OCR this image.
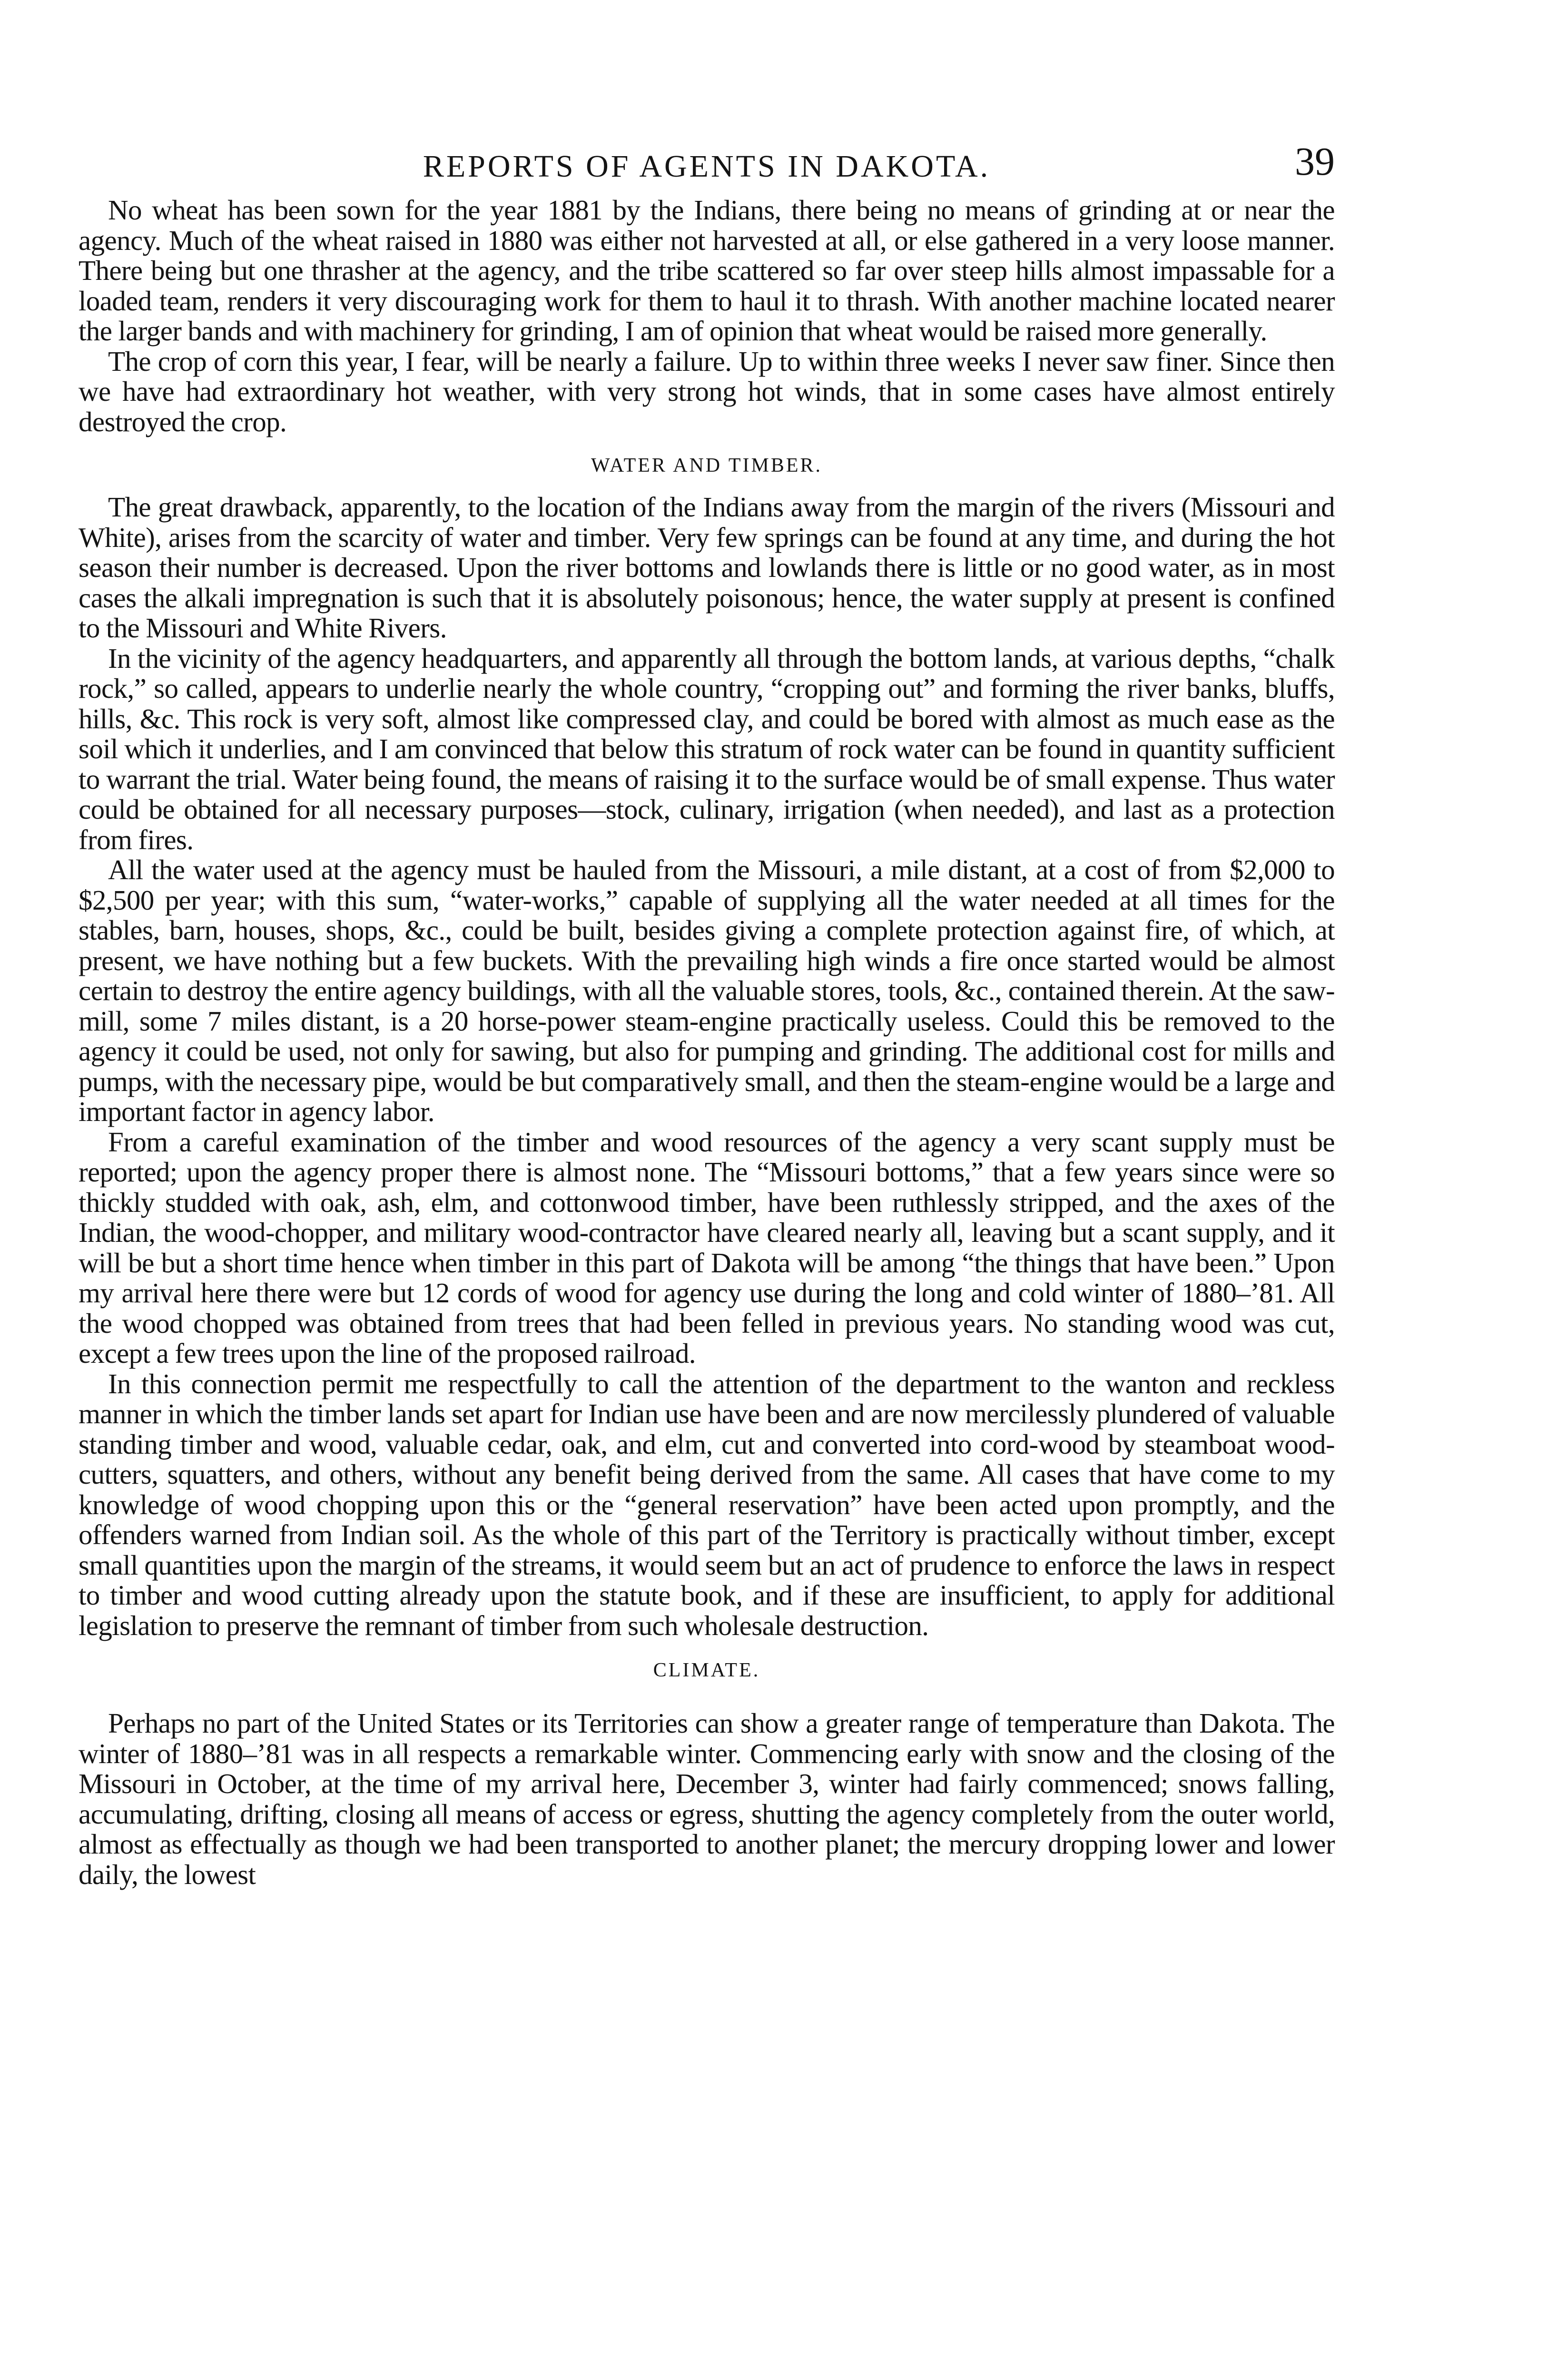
REPORTS OF AGENTS IN DAKOTA.	39

No wheat has been sown for the year 1881 by the Indians, there being no means of grinding at or near the agency. Much of the wheat raised in 1880 was either not harvested at all, or else gathered in a very loose manner. There being but one thrasher at the agency, and the tribe scattered so far over steep hills almost impassable for a loaded team, renders it very discouraging work for them to haul it to thrash. With another machine located nearer the larger bands and with machinery for grinding, I am of opinion that wheat would be raised more generally.

The crop of corn this year, I fear, will be nearly a failure. Up to within three weeks I never saw finer. Since then we have had extraordinary hot weather, with very strong hot winds, that in some cases have almost entirely destroyed the crop.

WATER AND TIMBER.

The great drawback, apparently, to the location of the Indians away from the margin of the rivers (Missouri and White), arises from the scarcity of water and timber. Very few springs can be found at any time, and during the hot season their number is decreased. Upon the river bottoms and lowlands there is little or no good water, as in most cases the alkali impregnation is such that it is absolutely poisonous; hence, the water supply at present is confined to the Missouri and White Rivers.

In the vicinity of the agency headquarters, and apparently all through the bottom lands, at various depths, “chalk rock,” so called, appears to underlie nearly the whole country, “cropping out” and forming the river banks, bluffs, hills, &c. This rock is very soft, almost like compressed clay, and could be bored with almost as much ease as the soil which it underlies, and I am convinced that below this stratum of rock water can be found in quantity sufficient to warrant the trial. Water being found, the means of raising it to the surface would be of small expense. Thus water could be obtained for all necessary purposes—stock, culinary, irrigation (when needed), and last as a protection from fires.

All the water used at the agency must be hauled from the Missouri, a mile distant, at a cost of from $2,000 to $2,500 per year; with this sum, “water-works,” capable of supplying all the water needed at all times for the stables, barn, houses, shops, &c., could be built, besides giving a complete protection against fire, of which, at present, we have nothing but a few buckets. With the prevailing high winds a fire once started would be almost certain to destroy the entire agency buildings, with all the valuable stores, tools, &c., contained therein. At the saw-mill, some 7 miles distant, is a 20 horse-power steam-engine practically useless. Could this be removed to the agency it could be used, not only for sawing, but also for pumping and grinding. The additional cost for mills and pumps, with the necessary pipe, would be but comparatively small, and then the steam-engine would be a large and important factor in agency labor.

From a careful examination of the timber and wood resources of the agency a very scant supply must be reported; upon the agency proper there is almost none. The “Missouri bottoms,” that a few years since were so thickly studded with oak, ash, elm, and cottonwood timber, have been ruthlessly stripped, and the axes of the Indian, the wood-chopper, and military wood-contractor have cleared nearly all, leaving but a scant supply, and it will be but a short time hence when timber in this part of Dakota will be among “the things that have been.” Upon my arrival here there were but 12 cords of wood for agency use during the long and cold winter of 1880–’81. All the wood chopped was obtained from trees that had been felled in previous years. No standing wood was cut, except a few trees upon the line of the proposed railroad.

In this connection permit me respectfully to call the attention of the department to the wanton and reckless manner in which the timber lands set apart for Indian use have been and are now mercilessly plundered of valuable standing timber and wood, valuable cedar, oak, and elm, cut and converted into cord-wood by steamboat wood-cutters, squatters, and others, without any benefit being derived from the same. All cases that have come to my knowledge of wood chopping upon this or the “general reservation” have been acted upon promptly, and the offenders warned from Indian soil. As the whole of this part of the Territory is practically without timber, except small quantities upon the margin of the streams, it would seem but an act of prudence to enforce the laws in respect to timber and wood cutting already upon the statute book, and if these are insufficient, to apply for additional legislation to preserve the remnant of timber from such wholesale destruction.

CLIMATE.

Perhaps no part of the United States or its Territories can show a greater range of temperature than Dakota. The winter of 1880–’81 was in all respects a remarkable winter. Commencing early with snow and the closing of the Missouri in October, at the time of my arrival here, December 3, winter had fairly commenced; snows falling, accumulating, drifting, closing all means of access or egress, shutting the agency completely from the outer world, almost as effectually as though we had been transported to another planet; the mercury dropping lower and lower daily, the lowest
